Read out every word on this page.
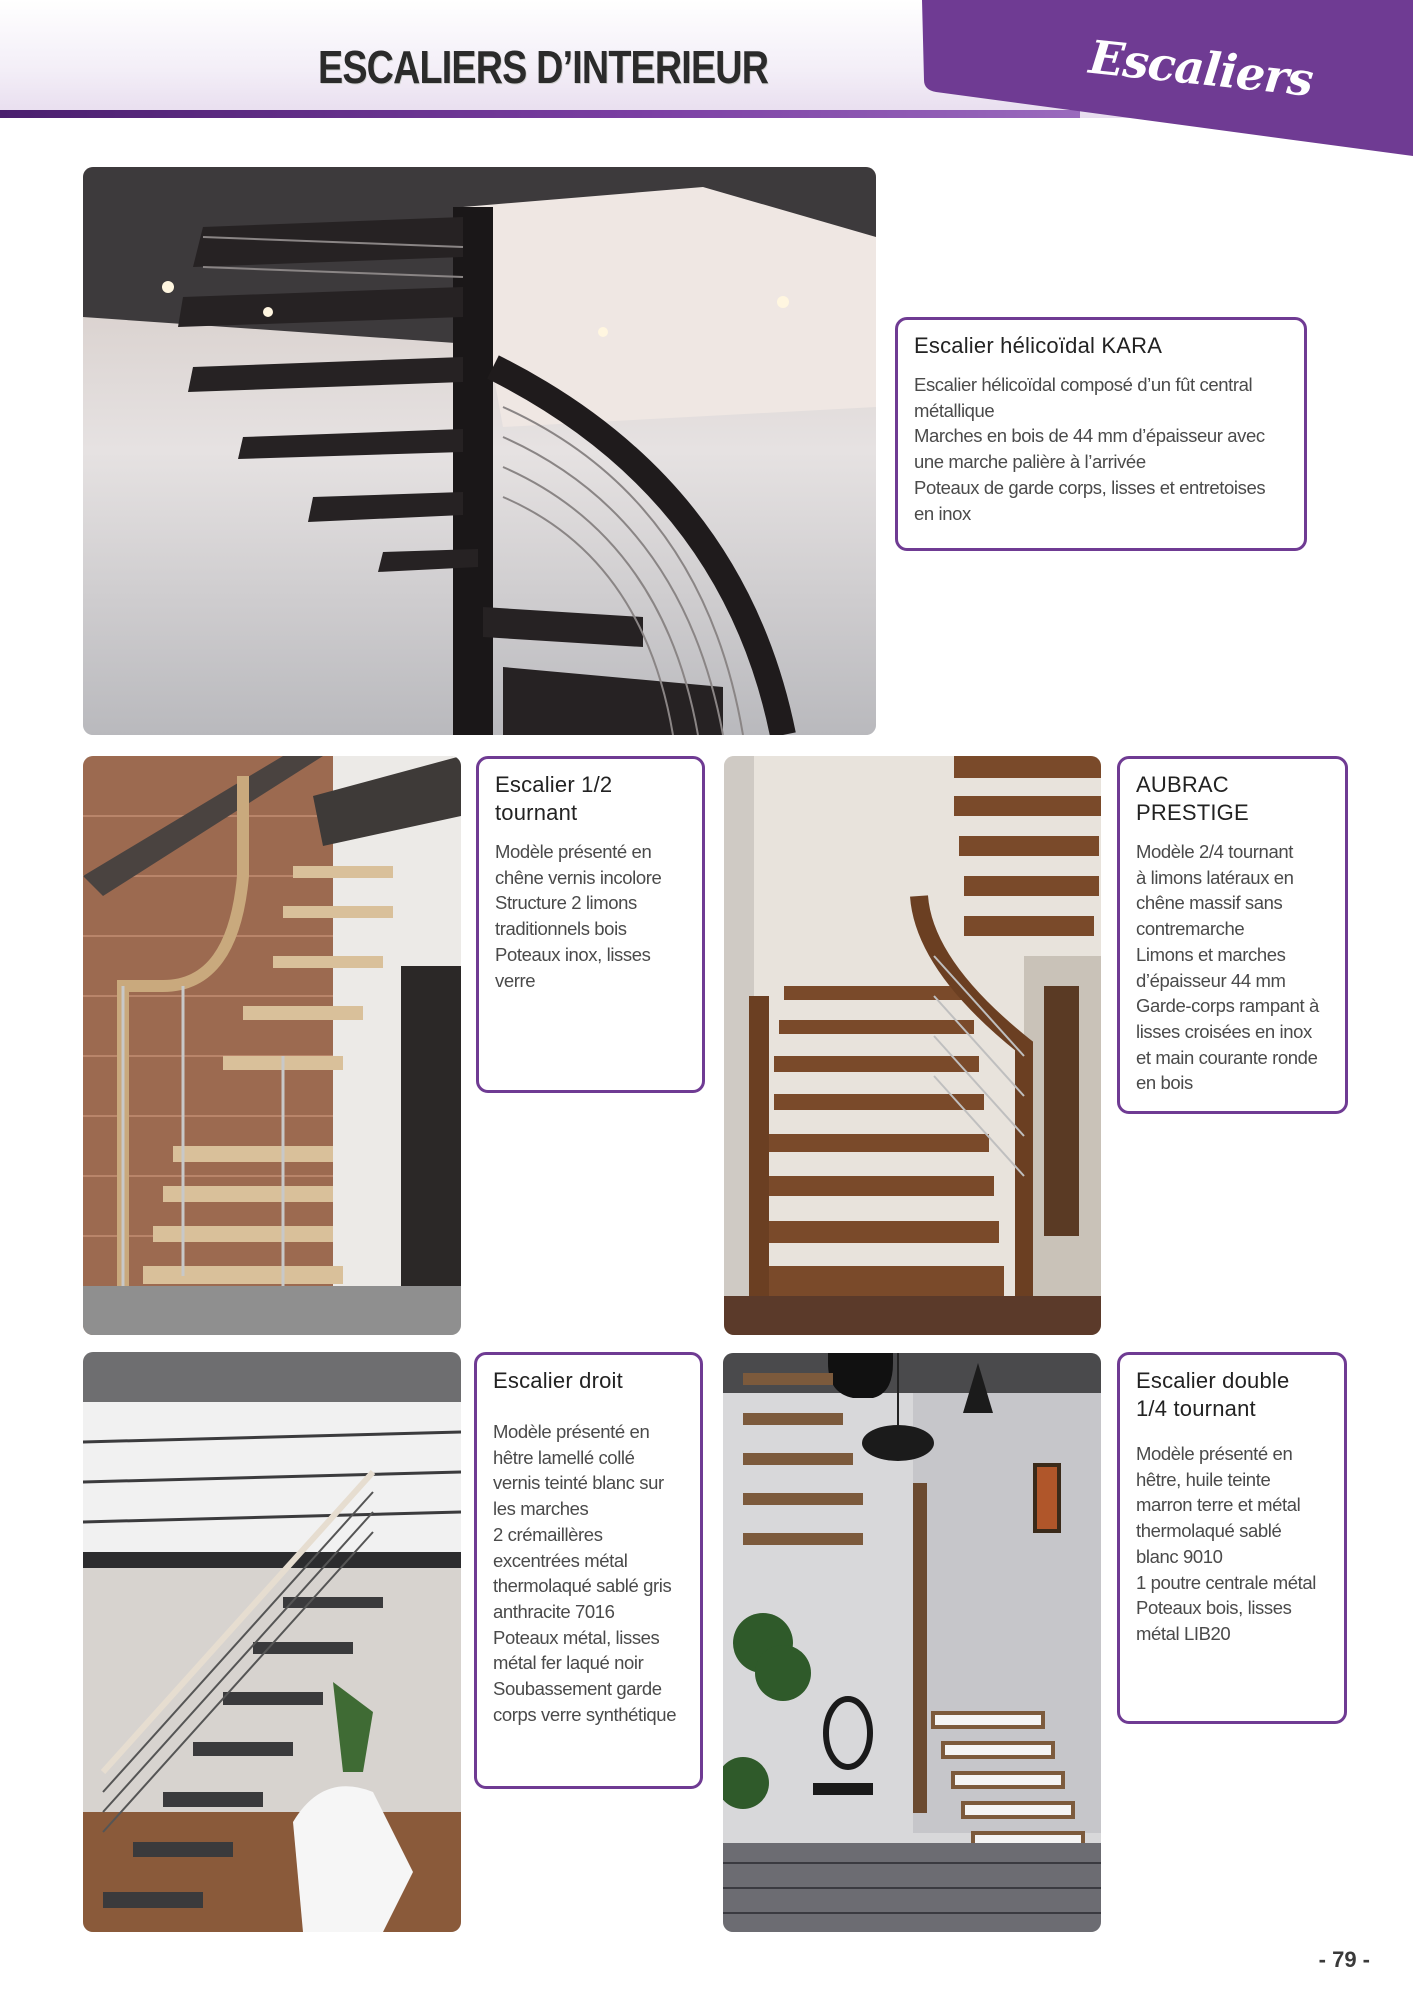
ESCALIERS D’INTERIEUR	Escaliers
Escalier hélicoïdal KARA
Escalier hélicoïdal composé d’un fût central
métallique
Marches en bois de 44 mm d’épaisseur avec
une marche palière à l’arrivée
Poteaux de garde corps, lisses et entretoises
en inox
Escalier 1/2
tournant
Modèle présenté en
chêne vernis incolore
Structure 2 limons
traditionnels bois
Poteaux inox, lisses
verre
AUBRAC
PRESTIGE
Modèle 2/4 tournant
à limons latéraux en
chêne massif sans
contremarche
Limons et marches
d’épaisseur 44 mm
Garde-corps rampant à
lisses croisées en inox
et main courante ronde
en bois
Escalier droit
Modèle présenté en
hêtre lamellé collé
vernis teinté blanc sur
les marches
2 crémaillères
excentrées métal
thermolaqué sablé gris
anthracite 7016
Poteaux métal, lisses
métal fer laqué noir
Soubassement garde
corps verre synthétique
Escalier double
1/4 tournant
Modèle présenté en
hêtre, huile teinte
marron terre et métal
thermolaqué sablé
blanc 9010
1 poutre centrale métal
Poteaux bois, lisses
métal LIB20
- 79 -
